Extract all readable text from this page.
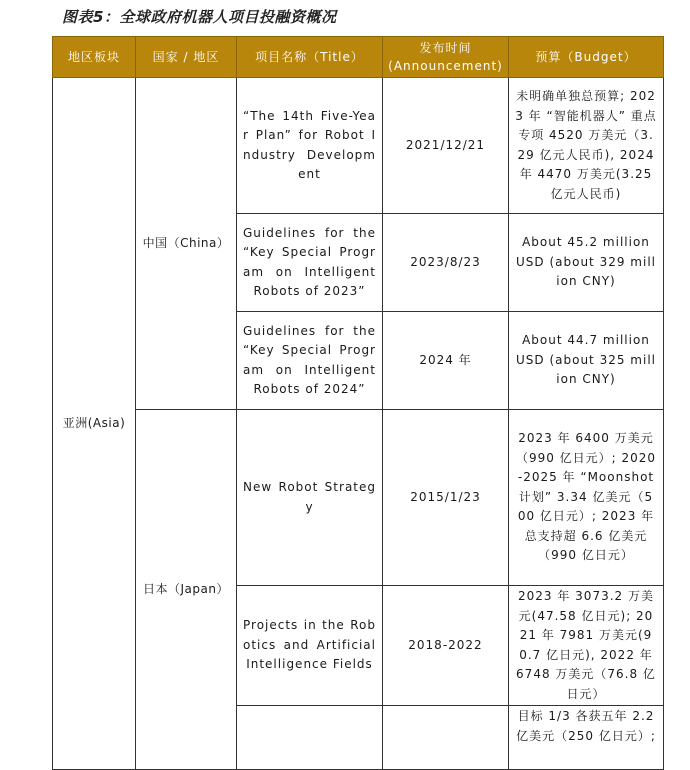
图表5：全球政府机器人项目投融资概况
地区板块	国家 / 地区	项目名称（Title）	发布时间
(Announcement)	预算（Budget）
亚洲(Asia)	中国（China）	“The 14th Five-Year Plan” for Robot Industry Development	2021/12/21	未明确单独总预算; 2023 年 “智能机器人” 重点专项 4520 万美元（3.29 亿元人民币), 2024 年 4470 万美元(3.25 亿元人民币)
		Guidelines for the “Key Special Program on Intelligent Robots of 2023”	2023/8/23	About 45.2 million USD (about 329 million CNY)
		Guidelines for the “Key Special Program on Intelligent Robots of 2024”	2024 年	About 44.7 million USD (about 325 million CNY)
	日本（Japan）	New Robot Strategy	2015/1/23	2023 年 6400 万美元（990 亿日元）; 2020-2025 年 “Moonshot 计划” 3.34 亿美元（500 亿日元）; 2023 年总支持超 6.6 亿美元（990 亿日元）
		Projects in the Robotics and Artificial Intelligence Fields	2018-2022	2023 年 3073.2 万美元(47.58 亿日元); 2021 年 7981 万美元(90.7 亿日元), 2022 年 6748 万美元（76.8 亿日元）
				目标 1/3 各获五年 2.2 亿美元（250 亿日元）;
